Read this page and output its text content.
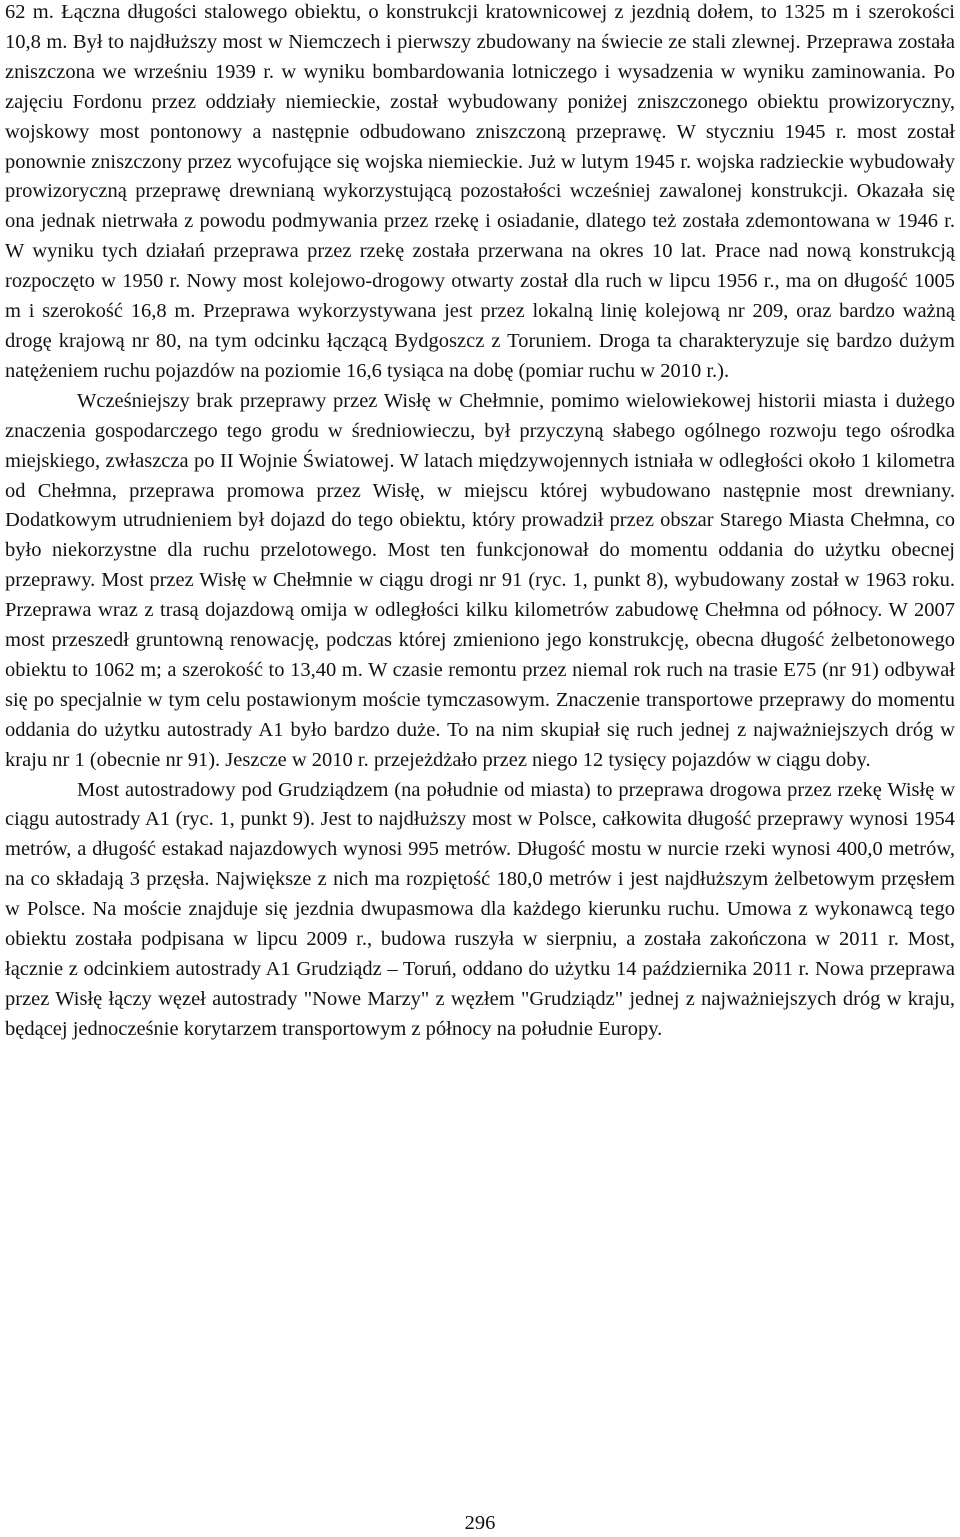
62 m. Łączna długości stalowego obiektu, o konstrukcji kratownicowej z jezdnią dołem, to 1325 m i szerokości 10,8 m. Był to najdłuższy most w Niemczech i pierwszy zbudowany na świecie ze stali zlewnej. Przeprawa została zniszczona we wrześniu 1939 r. w wyniku bombardowania lotniczego i wysadzenia w wyniku zaminowania. Po zajęciu Fordonu przez oddziały niemieckie, został wybudowany poniżej zniszczonego obiektu prowizoryczny, wojskowy most pontonowy a następnie odbudowano zniszczoną przeprawę. W styczniu 1945 r. most został ponownie zniszczony przez wycofujące się wojska niemieckie. Już w lutym 1945 r. wojska radzieckie wybudowały prowizoryczną przeprawę drewnianą wykorzystującą pozostałości wcześniej zawalonej konstrukcji. Okazała się ona jednak nietrwała z powodu podmywania przez rzekę i osiadanie, dlatego też została zdemontowana w 1946 r. W wyniku tych działań przeprawa przez rzekę została przerwana na okres 10 lat. Prace nad nową konstrukcją rozpoczęto w 1950 r. Nowy most kolejowo-drogowy otwarty został dla ruch w lipcu 1956 r., ma on długość 1005 m i szerokość 16,8 m. Przeprawa wykorzystywana jest przez lokalną linię kolejową nr 209, oraz bardzo ważną drogę krajową nr 80, na tym odcinku łączącą Bydgoszcz z Toruniem. Droga ta charakteryzuje się bardzo dużym natężeniem ruchu pojazdów na poziomie 16,6 tysiąca na dobę (pomiar ruchu w 2010 r.).

Wcześniejszy brak przeprawy przez Wisłę w Chełmnie, pomimo wielowiekowej historii miasta i dużego znaczenia gospodarczego tego grodu w średniowieczu, był przyczyną słabego ogólnego rozwoju tego ośrodka miejskiego, zwłaszcza po II Wojnie Światowej. W latach międzywojennych istniała w odległości około 1 kilometra od Chełmna, przeprawa promowa przez Wisłę, w miejscu której wybudowano następnie most drewniany. Dodatkowym utrudnieniem był dojazd do tego obiektu, który prowadził przez obszar Starego Miasta Chełmna, co było niekorzystne dla ruchu przelotowego. Most ten funkcjonował do momentu oddania do użytku obecnej przeprawy. Most przez Wisłę w Chełmnie w ciągu drogi nr 91 (ryc. 1, punkt 8), wybudowany został w 1963 roku. Przeprawa wraz z trasą dojazdową omija w odległości kilku kilometrów zabudowę Chełmna od północy. W 2007 most przeszedł gruntowną renowację, podczas której zmieniono jego konstrukcję, obecna długość żelbetonowego obiektu to 1062 m; a szerokość to 13,40 m. W czasie remontu przez niemal rok ruch na trasie E75 (nr 91) odbywał się po specjalnie w tym celu postawionym moście tymczasowym. Znaczenie transportowe przeprawy do momentu oddania do użytku autostrady A1 było bardzo duże. To na nim skupiał się ruch jednej z najważniejszych dróg w kraju nr 1 (obecnie nr 91). Jeszcze w 2010 r. przejeżdżało przez niego 12 tysięcy pojazdów w ciągu doby.

Most autostradowy pod Grudziądzem (na południe od miasta) to przeprawa drogowa przez rzekę Wisłę w ciągu autostrady A1 (ryc. 1, punkt 9). Jest to najdłuższy most w Polsce, całkowita długość przeprawy wynosi 1954 metrów, a długość estakad najazdowych wynosi 995 metrów. Długość mostu w nurcie rzeki wynosi 400,0 metrów, na co składają 3 przęsła. Największe z nich ma rozpiętość 180,0 metrów i jest najdłuższym żelbetowym przęsłem w Polsce. Na moście znajduje się jezdnia dwupasmowa dla każdego kierunku ruchu. Umowa z wykonawcą tego obiektu została podpisana w lipcu 2009 r., budowa ruszyła w sierpniu, a została zakończona w 2011 r. Most, łącznie z odcinkiem autostrady A1 Grudziądz – Toruń, oddano do użytku 14 października 2011 r. Nowa przeprawa przez Wisłę łączy węzeł autostrady "Nowe Marzy" z węzłem "Grudziądz" jednej z najważniejszych dróg w kraju, będącej jednocześnie korytarzem transportowym z północy na południe Europy.

296
